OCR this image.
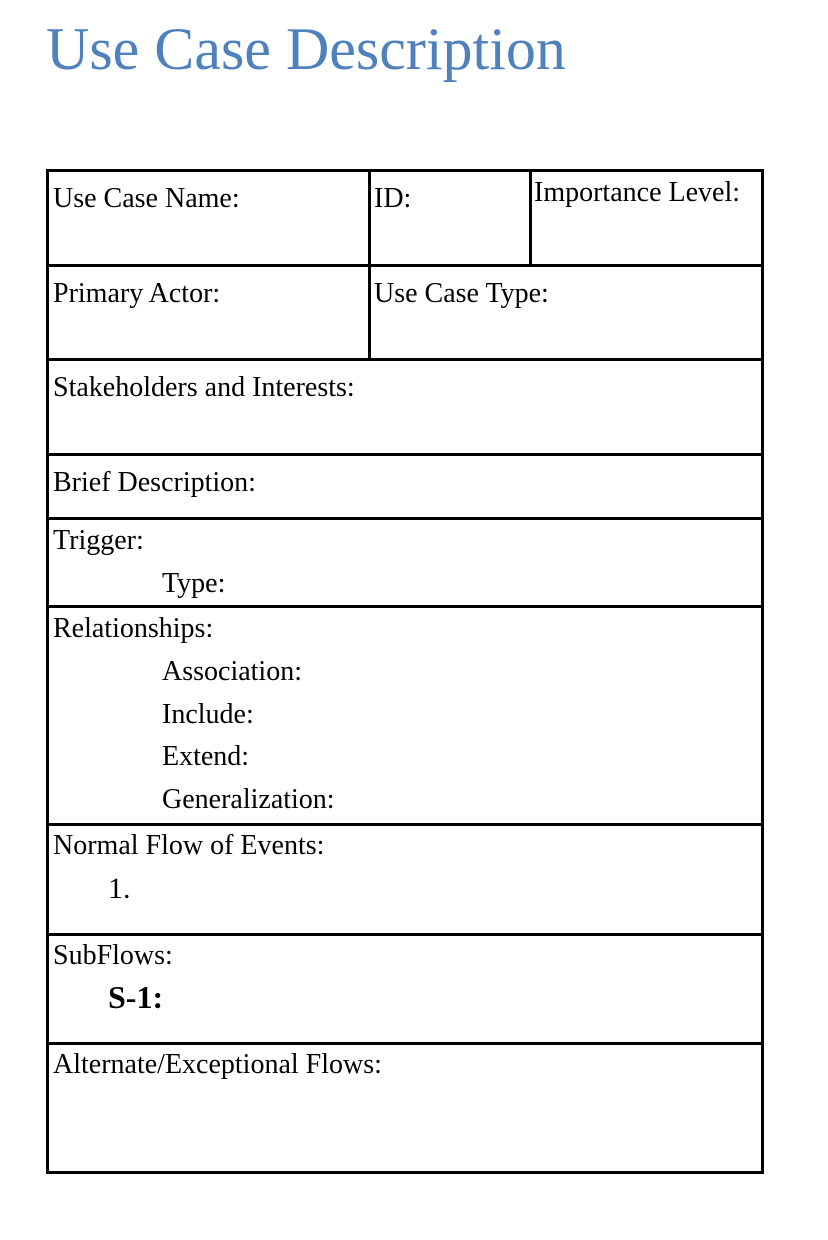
Use Case Description
Use Case Name:	ID:	Importance Level:
Primary Actor:	Use Case Type:
Stakeholders and Interests:
Brief Description:
Trigger:
Type:
Relationships:
Association:
Include:
Extend:
Generalization:
Normal Flow of Events:
1.
SubFlows:
S-1:
Alternate/Exceptional Flows:
